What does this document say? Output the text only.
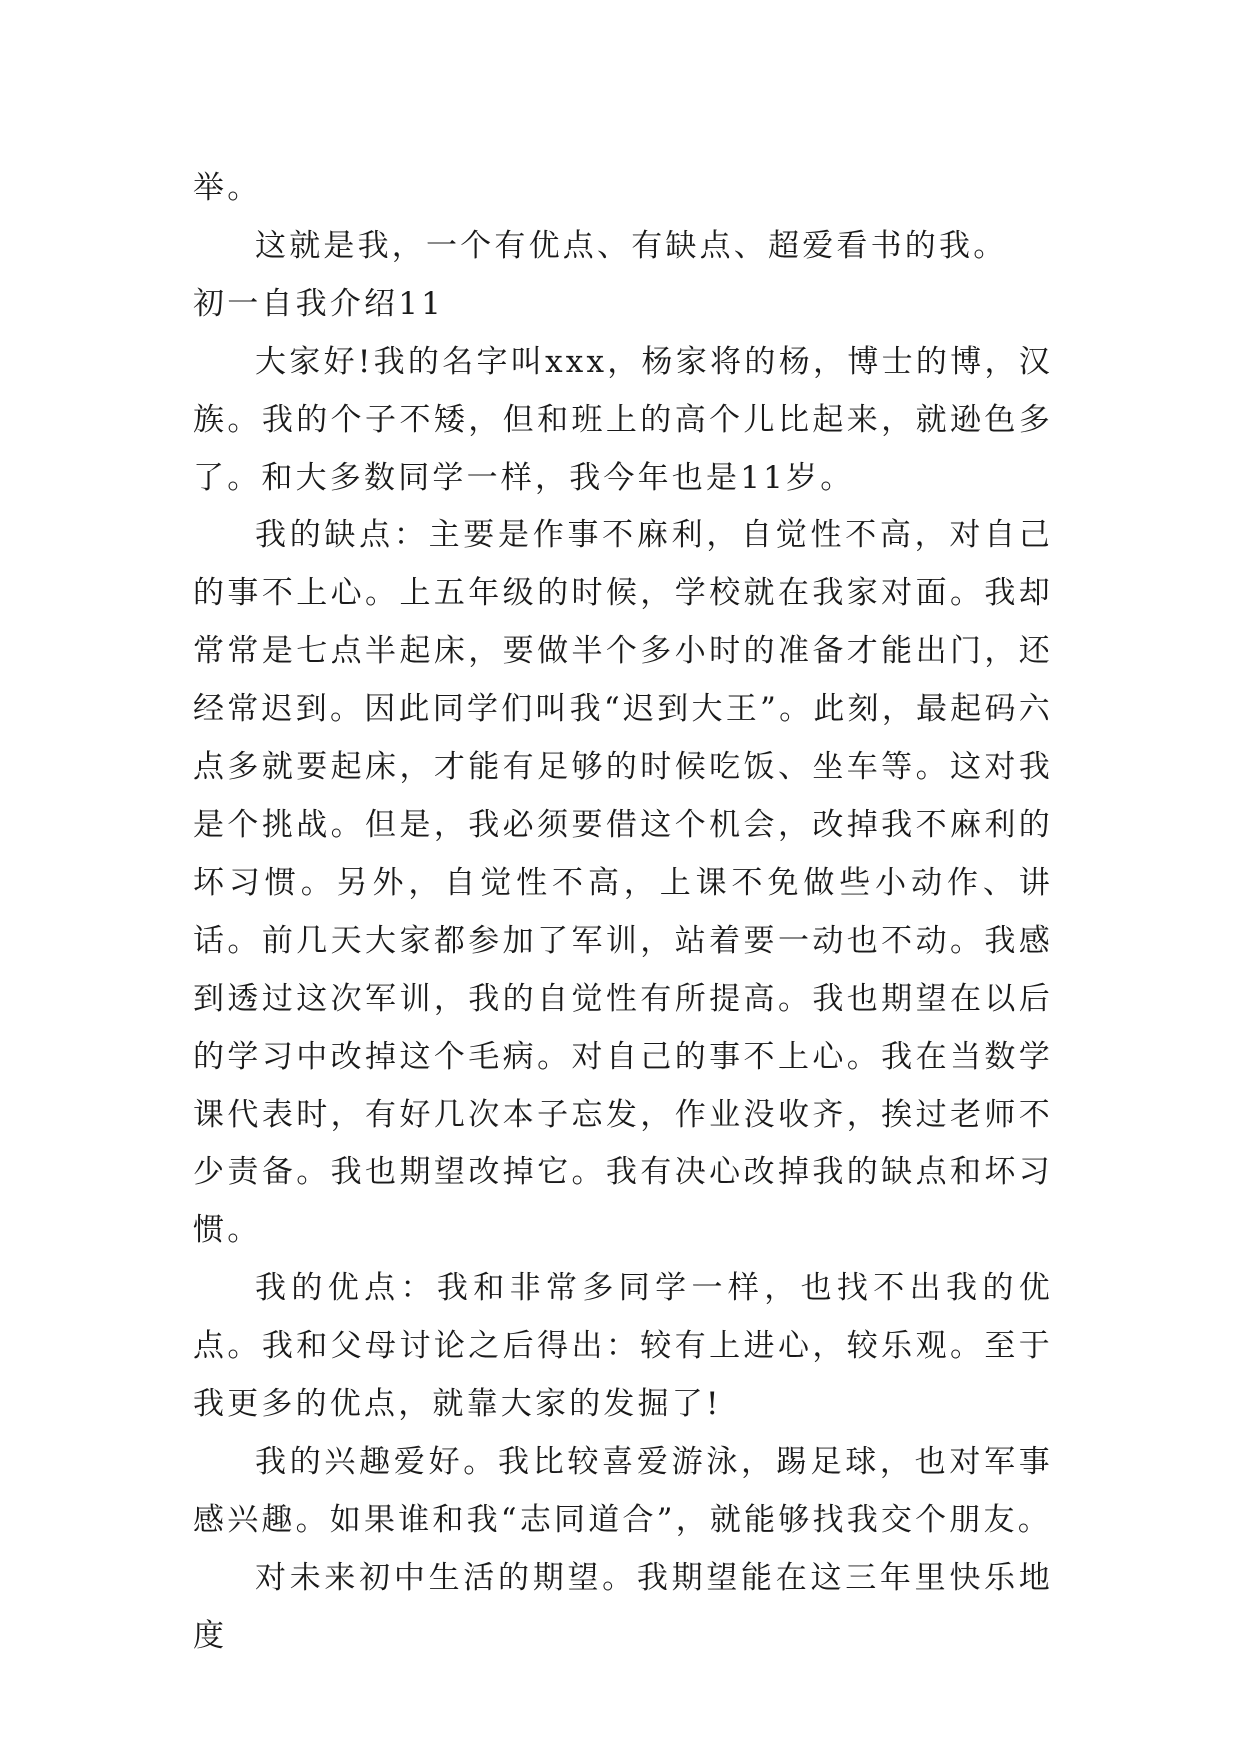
举。

这就是我，一个有优点、有缺点、超爱看书的我。

初一自我介绍11

大家好!我的名字叫xxx，杨家将的杨，博士的博，汉族。我的个子不矮，但和班上的高个儿比起来，就逊色多了。和大多数同学一样，我今年也是11岁。

我的缺点：主要是作事不麻利，自觉性不高，对自己的事不上心。上五年级的时候，学校就在我家对面。我却常常是七点半起床，要做半个多小时的准备才能出门，还经常迟到。因此同学们叫我“迟到大王”。此刻，最起码六点多就要起床，才能有足够的时候吃饭、坐车等。这对我是个挑战。但是，我必须要借这个机会，改掉我不麻利的坏习惯。另外，自觉性不高，上课不免做些小动作、讲话。前几天大家都参加了军训，站着要一动也不动。我感到透过这次军训，我的自觉性有所提高。我也期望在以后的学习中改掉这个毛病。对自己的事不上心。我在当数学课代表时，有好几次本子忘发，作业没收齐，挨过老师不少责备。我也期望改掉它。我有决心改掉我的缺点和坏习惯。

我的优点：我和非常多同学一样，也找不出我的优点。我和父母讨论之后得出：较有上进心，较乐观。至于我更多的优点，就靠大家的发掘了!

我的兴趣爱好。我比较喜爱游泳，踢足球，也对军事感兴趣。如果谁和我“志同道合”，就能够找我交个朋友。

对未来初中生活的期望。我期望能在这三年里快乐地度
